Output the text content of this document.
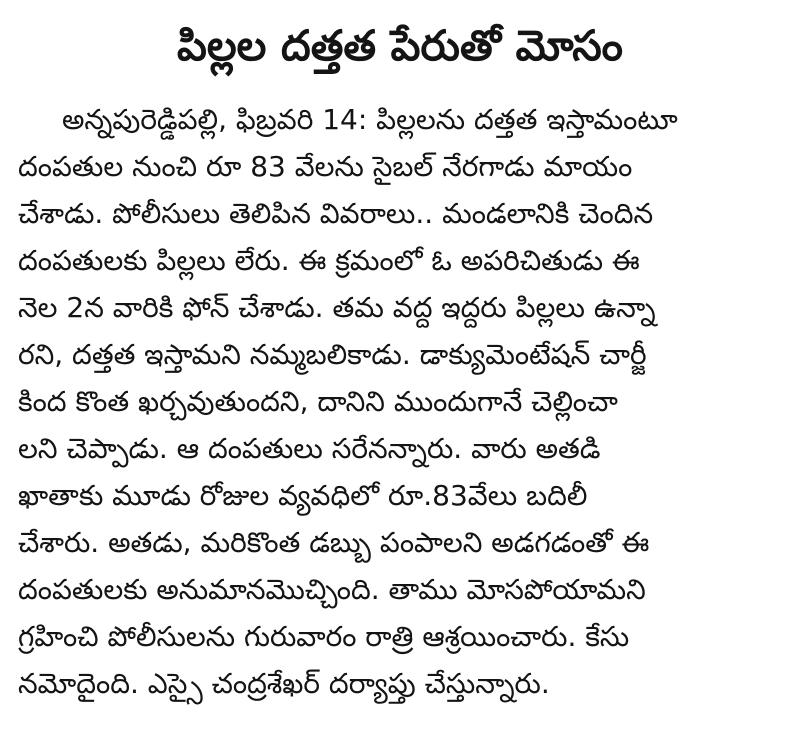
పిల్లల దత్తత పేరుతో మోసం
అన్నపురెడ్డిపల్లి, ఫిబ్రవరి 14: పిల్లలను దత్తత ఇస్తామంటూ
దంపతుల నుంచి రూ 83 వేలను సైబల్ నేరగాడు మాయం
చేశాడు. పోలీసులు తెలిపిన వివరాలు.. మండలానికి చెందిన
దంపతులకు పిల్లలు లేరు. ఈ క్రమంలో ఓ అపరిచితుడు ఈ
నెల 2న వారికి ఫోన్ చేశాడు. తమ వద్ద ఇద్దరు పిల్లలు ఉన్నా
రని, దత్తత ఇస్తామని నమ్మబలికాడు. డాక్యుమెంటేషన్ చార్జీ
కింద కొంత ఖర్చవుతుందని, దానిని ముందుగానే చెల్లించా
లని చెప్పాడు. ఆ దంపతులు సరేనన్నారు. వారు అతడి
ఖాతాకు మూడు రోజుల వ్యవధిలో రూ.83వేలు బదిలీ
చేశారు. అతడు, మరికొంత డబ్బు పంపాలని అడగడంతో ఈ
దంపతులకు అనుమానమొచ్చింది. తాము మోసపోయామని
గ్రహించి పోలీసులను గురువారం రాత్రి ఆశ్రయించారు. కేసు
నమోదైంది. ఎస్సై చంద్రశేఖర్ దర్యాప్తు చేస్తున్నారు.
